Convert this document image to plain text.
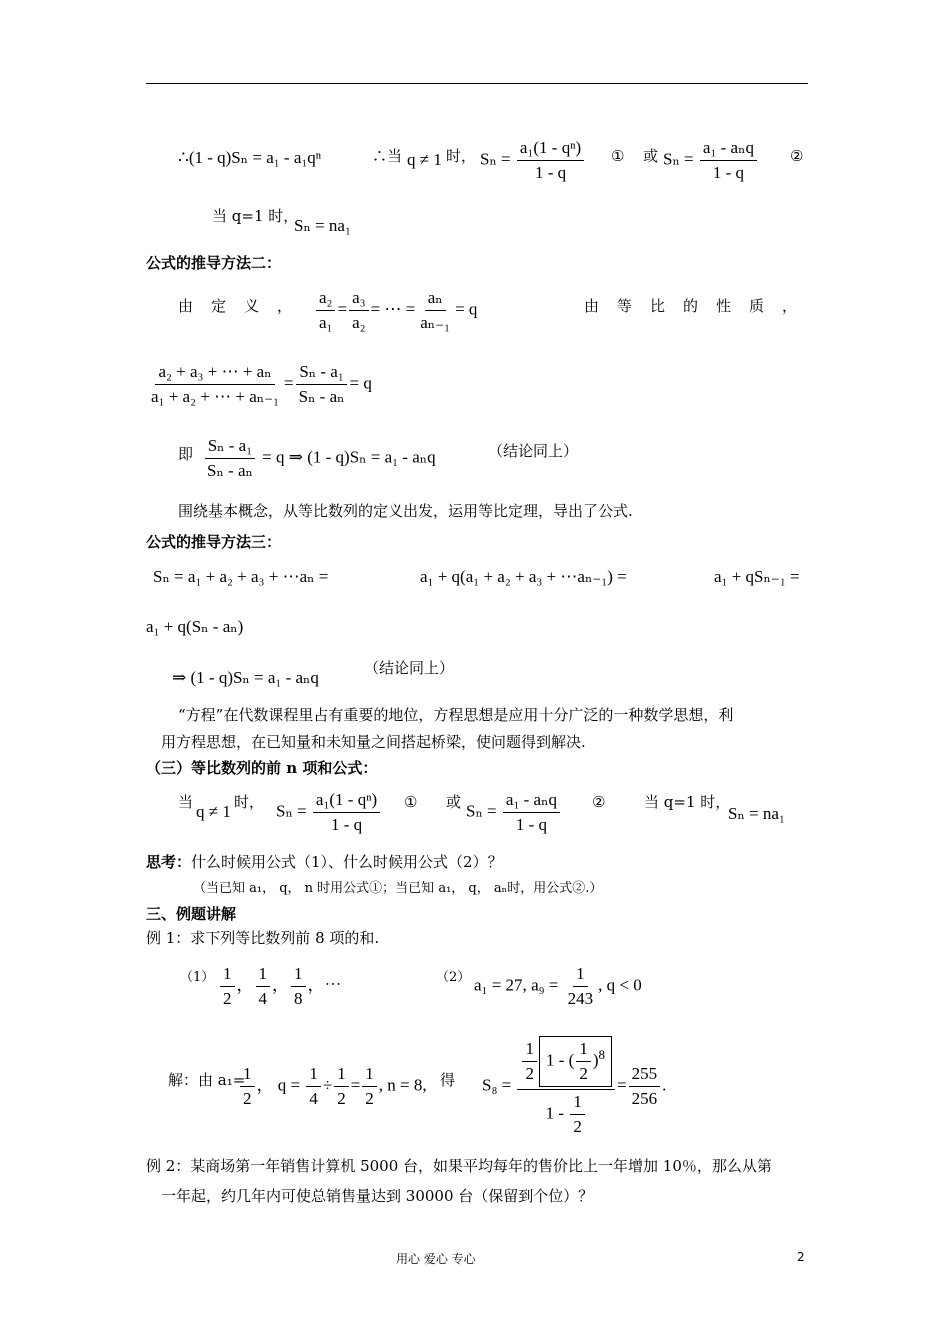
∴(1 - q)Sₙ = a₁ - a₁qⁿ	∴当 q ≠ 1 时， $S_n = \frac{\text{a₁(1 - qⁿ)}}{1 - q}$ ① 或 $S_n = \frac{\text{a₁ - aₙq}}{1 - q}$ ②
当 q=1 时，
Sₙ = na₁
公式的推导方法二：
由定义， $\frac{\text{a₂}}{\text{a₁}} = \frac{\text{a₃}}{\text{a₂}}$ = ⋯ = $\frac{\text{aₙ}}{\text{aₙ₋₁}} = q$	由等比的性质，
$\frac{\text{a₂ + a₃ + ⋯ + aₙ}}{\text{a₁ + a₂ + ⋯ + aₙ₋₁}} = \frac{\text{Sₙ - a₁}}{\text{Sₙ - aₙ}} = q$
即 $\frac{\text{Sₙ - a₁}}{\text{Sₙ - aₙ}} = q$ ⇒ (1 - q)Sₙ = a₁ - aₙq	（结论同上）
围绕基本概念，从等比数列的定义出发，运用等比定理，导出了公式.
公式的推导方法三：
Sₙ = a₁ + a₂ + a₃ + ⋯aₙ =	a₁ + q(a₁ + a₂ + a₃ + ⋯aₙ₋₁) =	a₁ + qSₙ₋₁ =
a₁ + q(Sₙ - aₙ)
⇒ (1 - q)Sₙ = a₁ - aₙq	（结论同上）
“方程”在代数课程里占有重要的地位，方程思想是应用十分广泛的一种数学思想，利
用方程思想，在已知量和未知量之间搭起桥梁，使问题得到解决.
（三）等比数列的前 n 项和公式：
当 q ≠ 1 时， $S_n = \frac{\text{a₁(1 - qⁿ)}}{1 - q}$ ① 或 $S_n = \frac{\text{a₁ - aₙq}}{1 - q}$ ②	当 q=1 时，
Sₙ = na₁
思考：什么时候用公式（1）、什么时候用公式（2）？
（当已知 a₁， q， n 时用公式①；当已知 a₁， q， aₙ时，用公式②.）
三、例题讲解
例 1：求下列等比数列前 8 项的和.
$(1) \frac{1}{2}$ ， $\frac{1}{4}$ ， $\frac{1}{8}$ ，⋯	（2） a₁ = 27, $a_9 = \frac{1}{243}$ , q < 0
解：由 a₁=
$\frac{1}{2}$ ， $q = \frac{1}{4} \div \frac{1}{2} = \frac{1}{2}$ , n = 8, 得 $S_8 = \frac{\frac{1}{2} 1 - ( \frac{1}{2} )^8}{1 - \frac{1}{2}} = \frac{255}{256}$ .
例 2：某商场第一年销售计算机 5000 台，如果平均每年的售价比上一年增加 10％，那么从第
一年起，约几年内可使总销售量达到 30000 台（保留到个位）？
用心 爱心 专心	2
